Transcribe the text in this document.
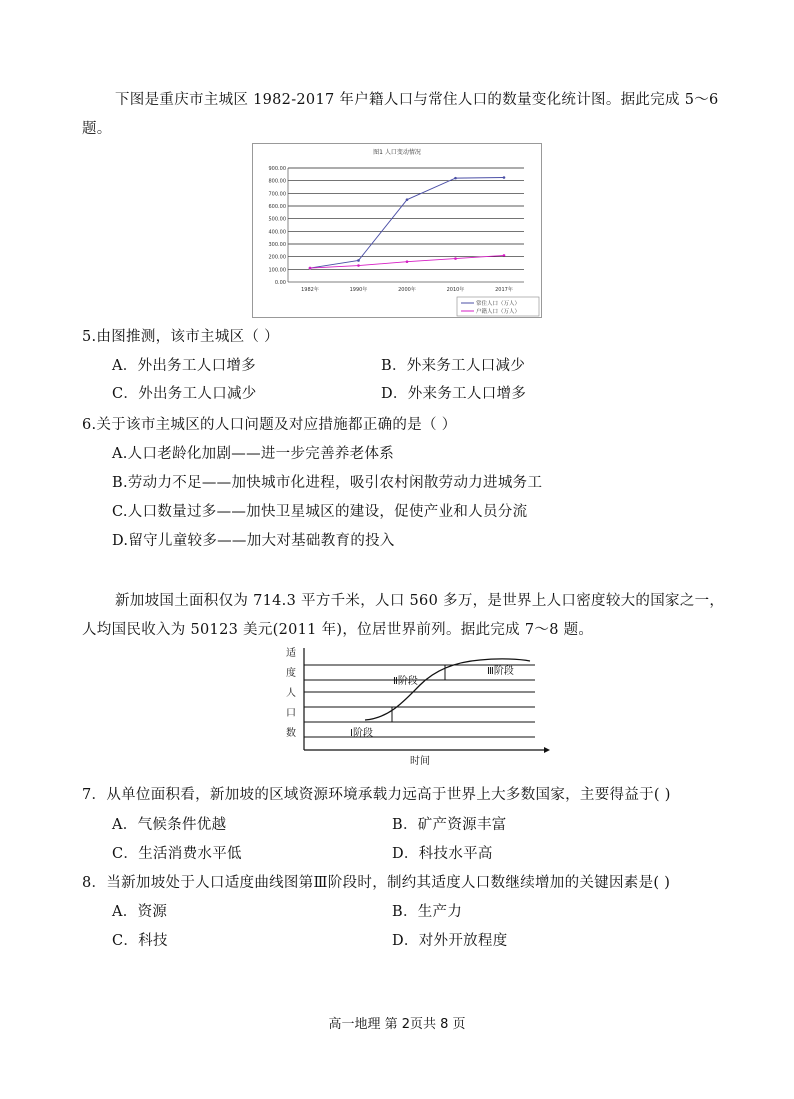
下图是重庆市主城区 1982-2017 年户籍人口与常住人口的数量变化统计图。据此完成 5～6
题。
图1 人口变动情况
0.00
100.00
200.00
300.00
400.00
500.00
600.00
700.00
800.00
900.00
1982年	1990年	2000年	2010年	2017年
常住人口（万人）
户籍人口（万人）
5.由图推测，该市主城区（ ）
A．外出务工人口增多	B．外来务工人口减少
C．外出务工人口减少	D．外来务工人口增多
6.关于该市主城区的人口问题及对应措施都正确的是（ ）
A.人口老龄化加剧——进一步完善养老体系
B.劳动力不足——加快城市化进程，吸引农村闲散劳动力进城务工
C.人口数量过多——加快卫星城区的建设，促使产业和人员分流
D.留守儿童较多——加大对基础教育的投入
新加坡国土面积仅为 714.3 平方千米，人口 560 多万，是世界上人口密度较大的国家之一，
人均国民收入为 50123 美元(2011 年)，位居世界前列。据此完成 7～8 题。
Ⅰ阶段
Ⅱ阶段
Ⅲ阶段
时间
适度人口数
7．从单位面积看，新加坡的区域资源环境承载力远高于世界上大多数国家，主要得益于( )
A．气候条件优越	B．矿产资源丰富
C．生活消费水平低	D．科技水平高
8．当新加坡处于人口适度曲线图第Ⅲ阶段时，制约其适度人口数继续增加的关键因素是( )
A．资源	B．生产力
C．科技	D．对外开放程度
高一地理 第 2页共 8 页
